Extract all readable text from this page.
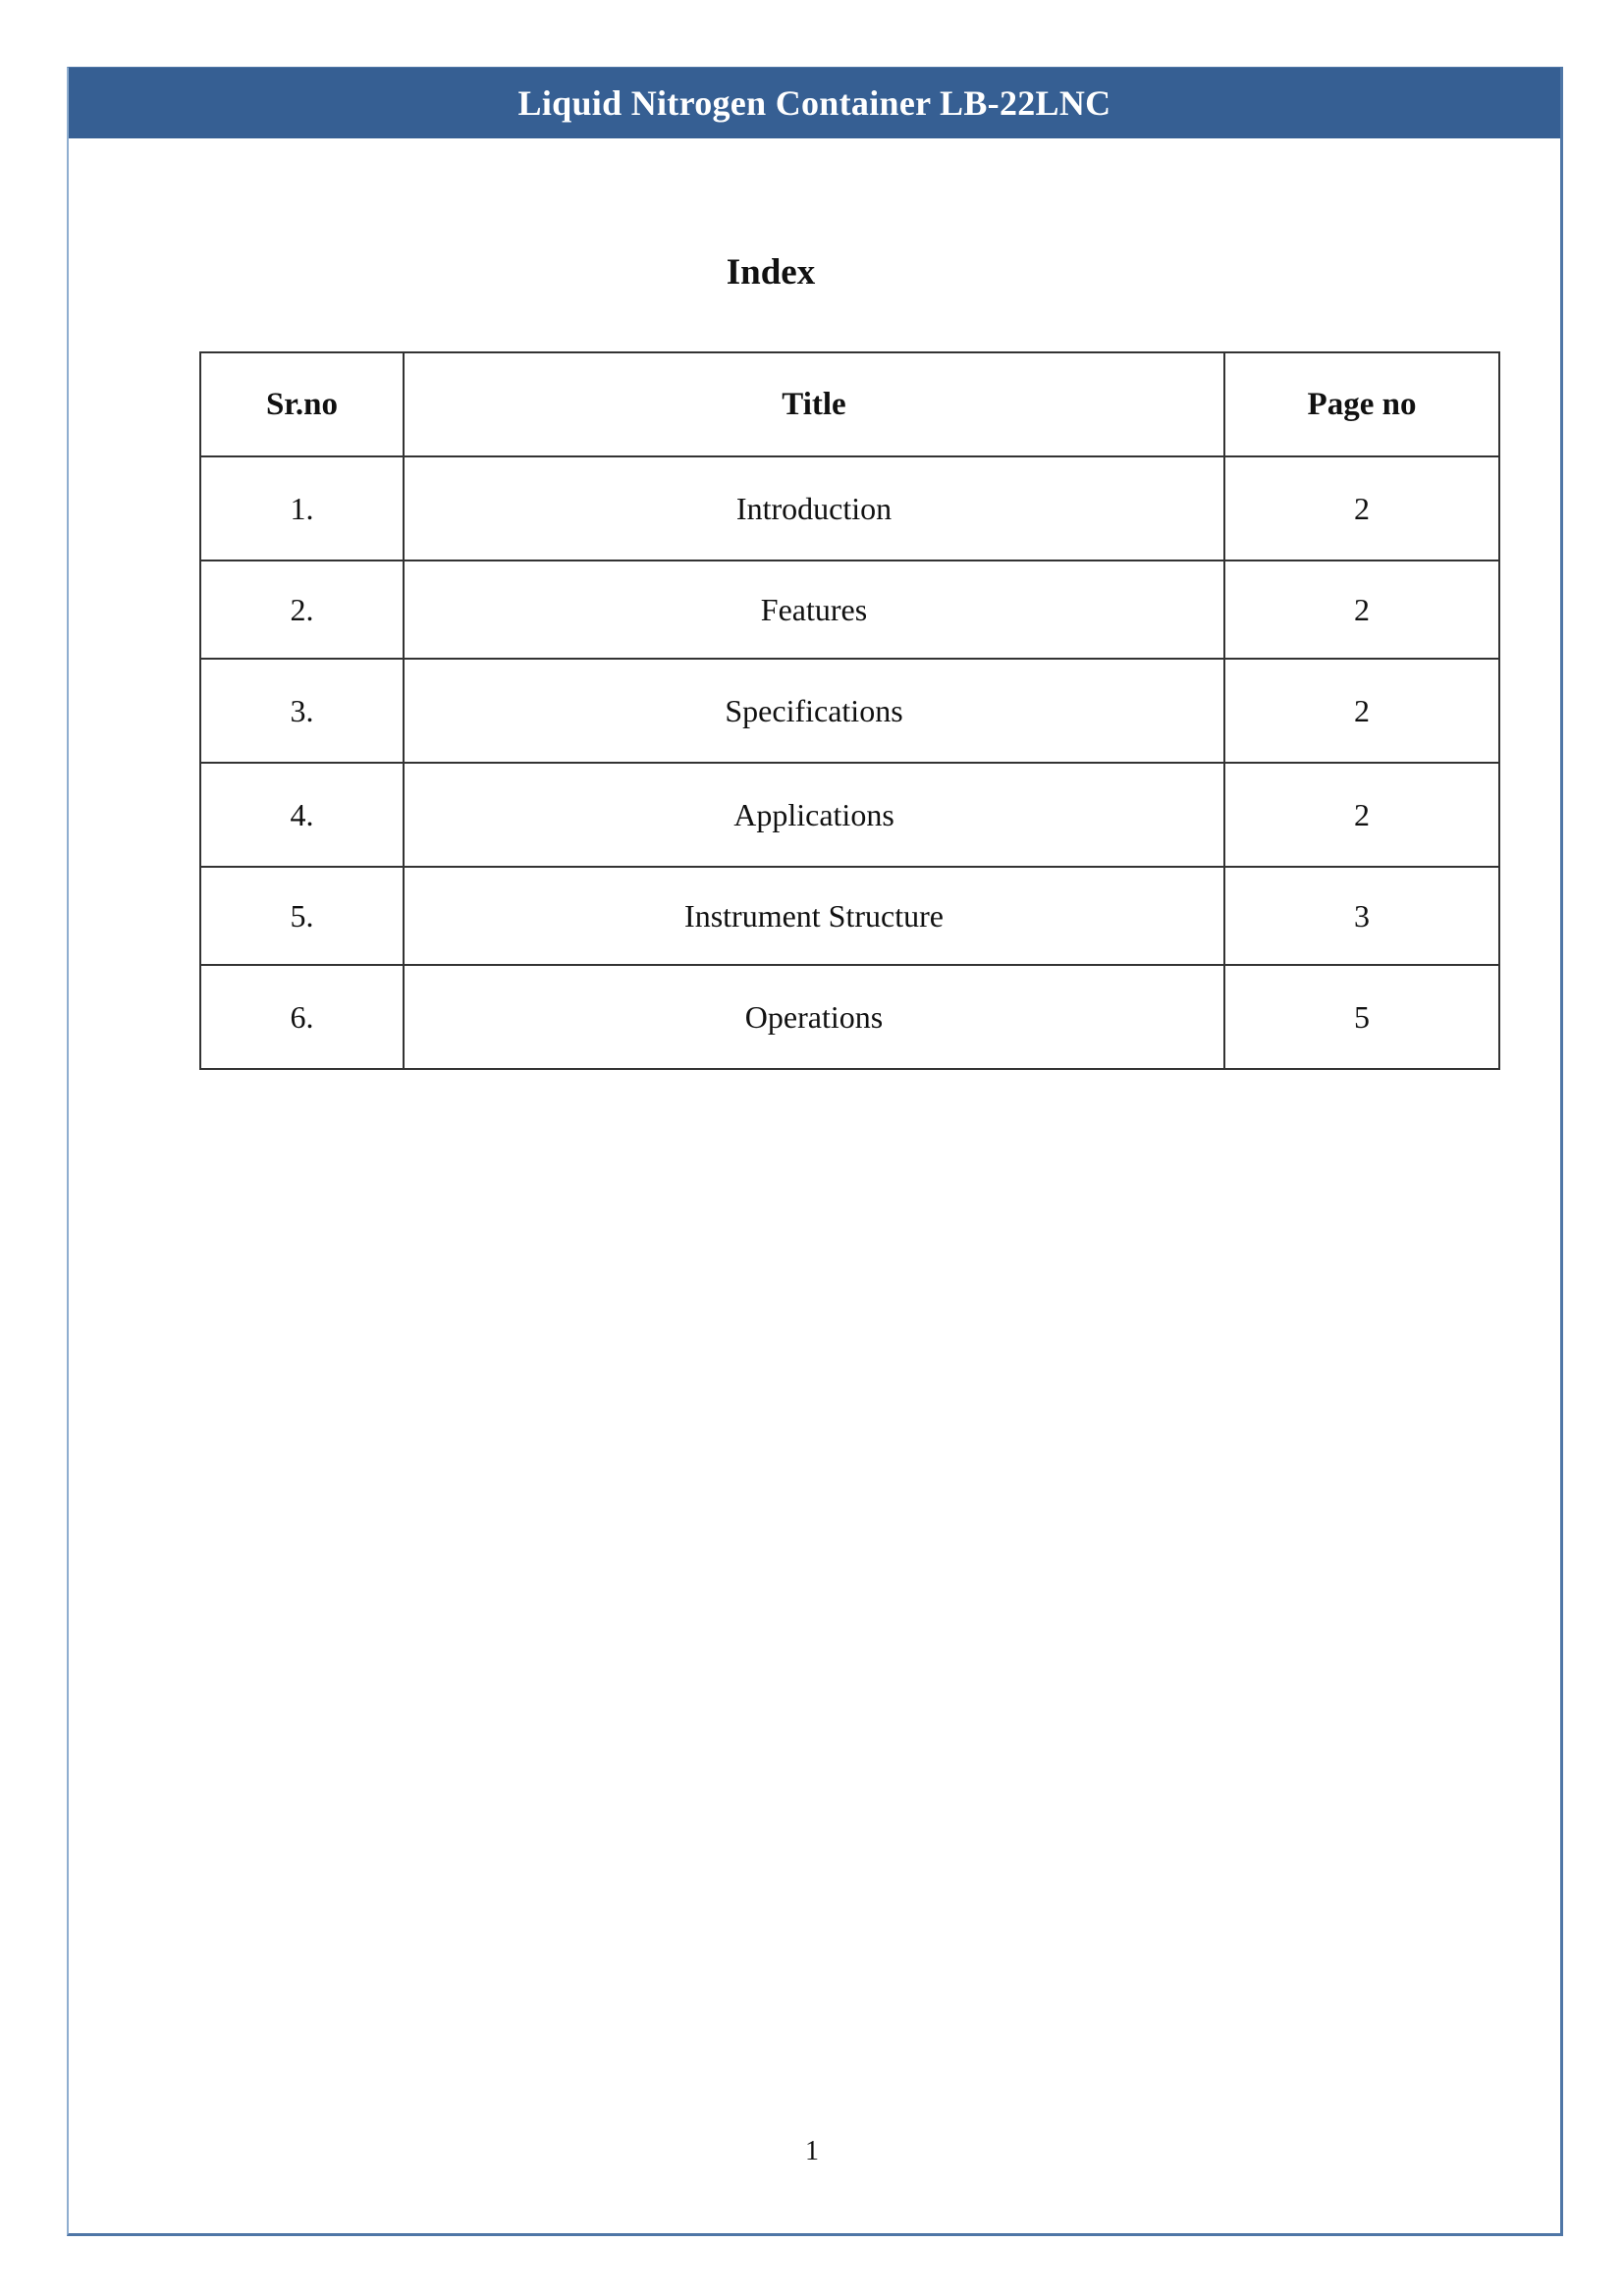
Liquid Nitrogen Container LB-22LNC
Index
Sr.no	Title	Page no
1.	Introduction	2
2.	Features	2
3.	Specifications	2
4.	Applications	2
5.	Instrument Structure	3
6.	Operations	5
1
